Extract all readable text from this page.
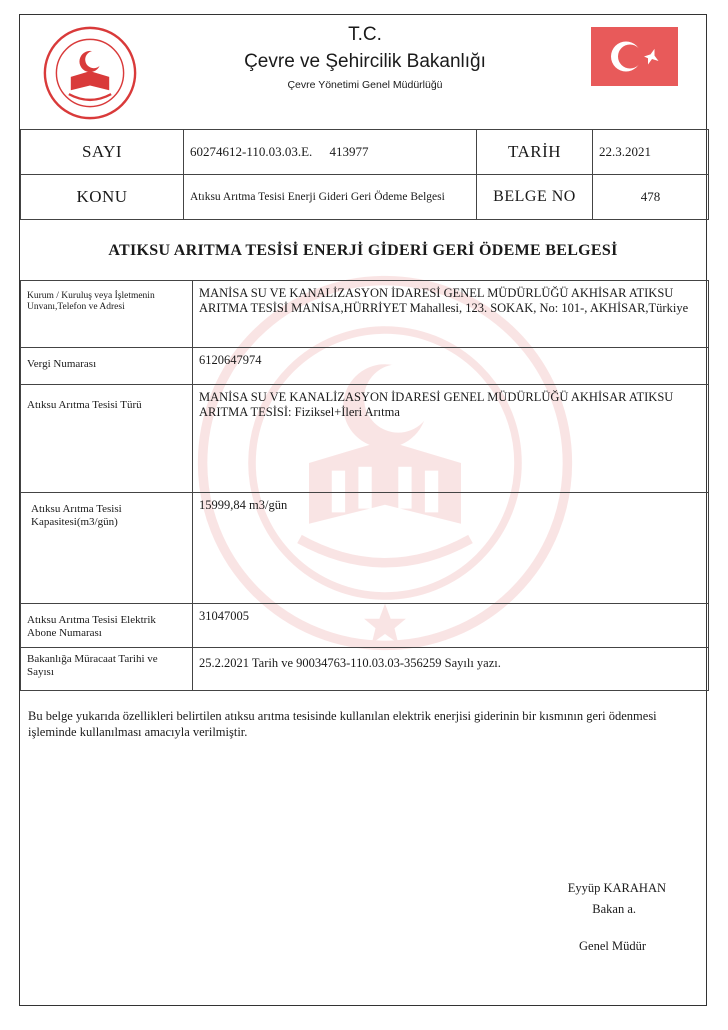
T.C.
Çevre ve Şehircilik Bakanlığı
Çevre Yönetimi Genel Müdürlüğü
SAYI	60274612-110.03.03.E. 413977	TARİH	22.3.2021
KONU	Atıksu Arıtma Tesisi Enerji Gideri Geri Ödeme Belgesi	BELGE NO	478
ATIKSU ARITMA TESİSİ ENERJİ GİDERİ GERİ ÖDEME BELGESİ
Kurum / Kuruluş veya İşletmenin Unvanı,Telefon ve Adresi	MANİSA SU VE KANALİZASYON İDARESİ GENEL MÜDÜRLÜĞÜ AKHİSAR ATIKSU ARITMA TESİSİ MANİSA,HÜRRİYET Mahallesi, 123. SOKAK, No: 101-, AKHİSAR,Türkiye
Vergi Numarası	6120647974
Atıksu Arıtma Tesisi Türü	MANİSA SU VE KANALİZASYON İDARESİ GENEL MÜDÜRLÜĞÜ AKHİSAR ATIKSU ARITMA TESİSİ: Fiziksel+İleri Arıtma
Atıksu Arıtma Tesisi Kapasitesi(m3/gün)	15999,84 m3/gün
Atıksu Arıtma Tesisi Elektrik Abone Numarası	31047005
Bakanlığa Müracaat Tarihi ve Sayısı	25.2.2021 Tarih ve 90034763-110.03.03-356259 Sayılı yazı.
Bu belge yukarıda özellikleri belirtilen atıksu arıtma tesisinde kullanılan elektrik enerjisi giderinin bir kısmının geri ödenmesi işleminde kullanılması amacıyla verilmiştir.
Eyyüp KARAHAN
Bakan a.
Genel Müdür
